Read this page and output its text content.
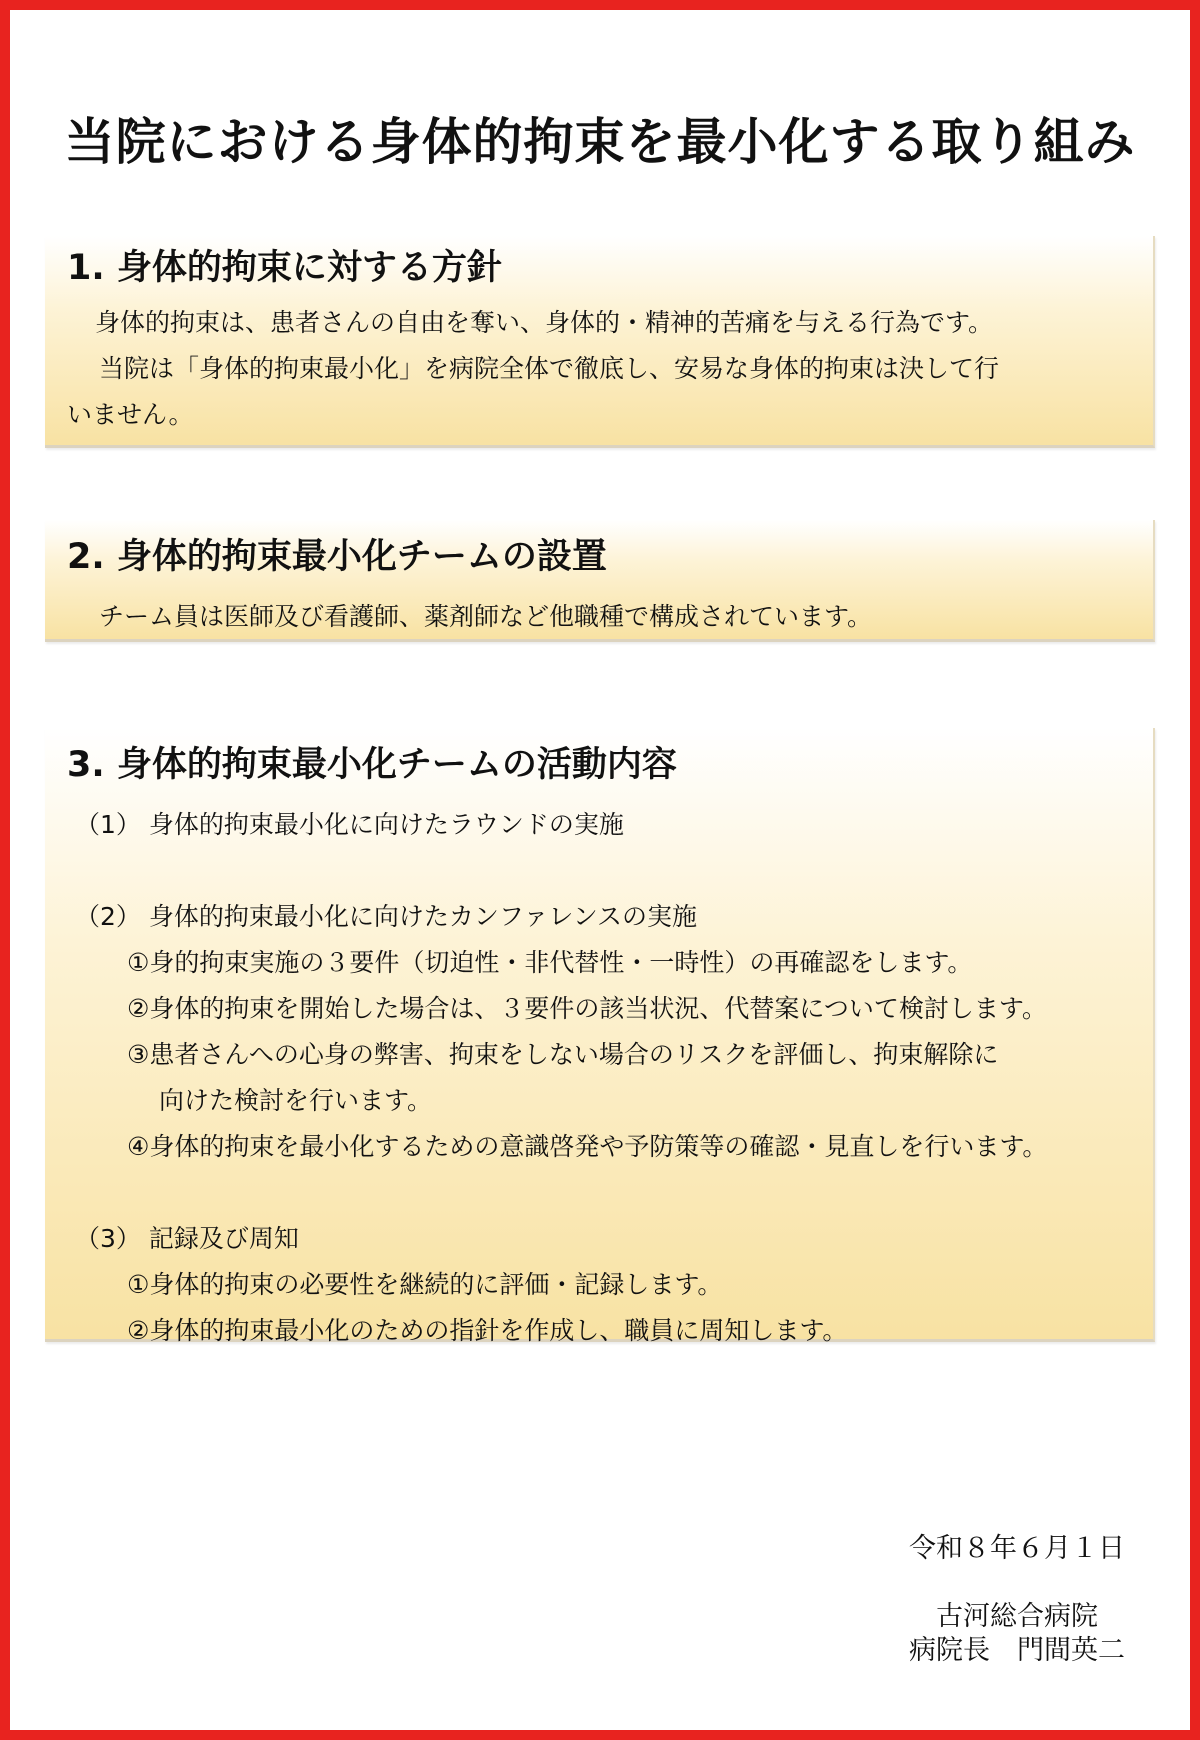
当院における身体的拘束を最小化する取り組み
1. 身体的拘束に対する方針
身体的拘束は、患者さんの自由を奪い、身体的・精神的苦痛を与える行為です。
当院は「身体的拘束最小化」を病院全体で徹底し、安易な身体的拘束は決して行
いません。
2. 身体的拘束最小化チームの設置
チーム員は医師及び看護師、薬剤師など他職種で構成されています。
3. 身体的拘束最小化チームの活動内容
（1） 身体的拘束最小化に向けたラウンドの実施
（2） 身体的拘束最小化に向けたカンファレンスの実施
①身的拘束実施の３要件（切迫性・非代替性・一時性）の再確認をします。
②身体的拘束を開始した場合は、３要件の該当状況、代替案について検討します。
③患者さんへの心身の弊害、拘束をしない場合のリスクを評価し、拘束解除に
向けた検討を行います。
④身体的拘束を最小化するための意識啓発や予防策等の確認・見直しを行います。
（3） 記録及び周知
①身体的拘束の必要性を継続的に評価・記録します。
②身体的拘束最小化のための指針を作成し、職員に周知します。
令和８年６月１日
古河総合病院
病院長　門間英二
